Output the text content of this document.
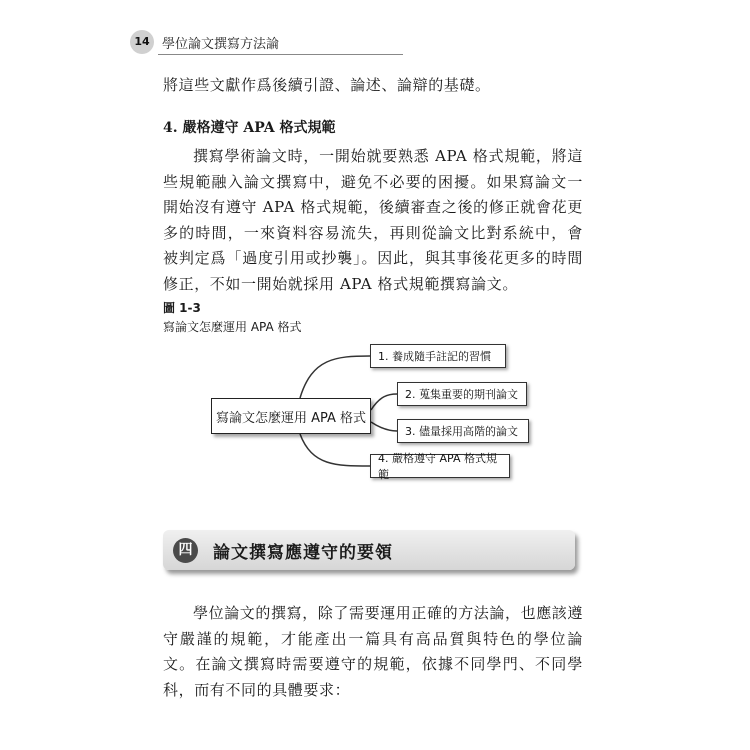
14 學位論文撰寫方法論

將這些文獻作爲後續引證、論述、論辯的基礎。

4. 嚴格遵守 APA 格式規範

撰寫學術論文時，一開始就要熟悉 APA 格式規範，將這些規範融入論文撰寫中，避免不必要的困擾。如果寫論文一開始沒有遵守 APA 格式規範，後續審查之後的修正就會花更多的時間，一來資料容易流失，再則從論文比對系統中，會被判定爲「過度引用或抄襲」。因此，與其事後花更多的時間修正，不如一開始就採用 APA 格式規範撰寫論文。

圖 1-3

寫論文怎麼運用 APA 格式

寫論文怎麼運用 APA 格式
1. 養成隨手註記的習慣
2. 蒐集重要的期刊論文
3. 儘量採用高階的論文
4. 嚴格遵守 APA 格式規範
四	論文撰寫應遵守的要領

學位論文的撰寫，除了需要運用正確的方法論，也應該遵守嚴謹的規範，才能產出一篇具有高品質與特色的學位論文。在論文撰寫時需要遵守的規範，依據不同學門、不同學科，而有不同的具體要求：
